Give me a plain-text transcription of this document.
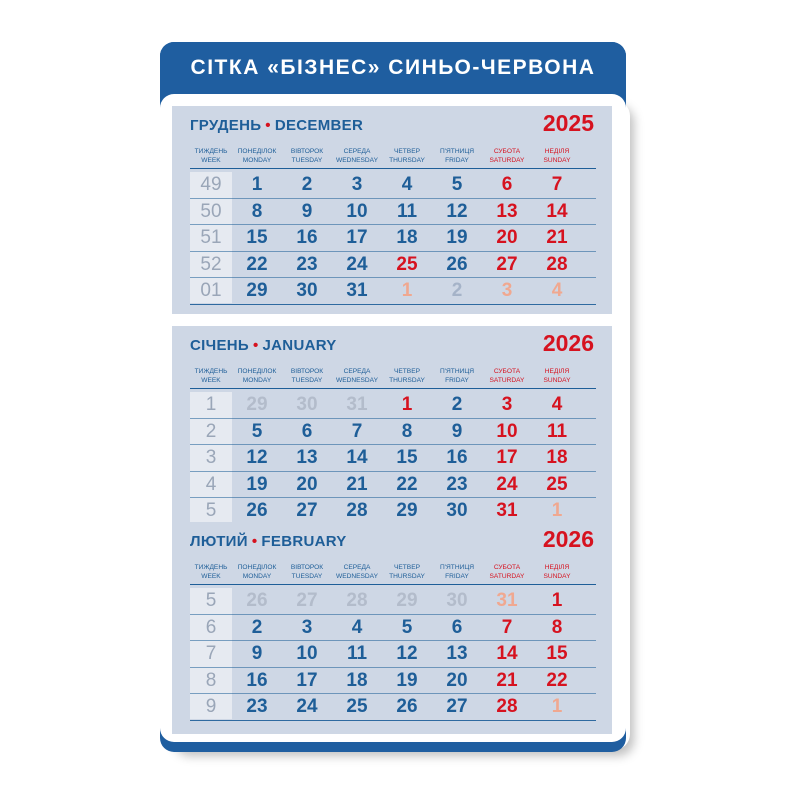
СІТКА «БІЗНЕС» СИНЬО-ЧЕРВОНА
ГРУДЕНЬ • DECEMBER	2025
ТИЖДЕНЬ
WEEK
ПОНЕДІЛОК
MONDAY
ВІВТОРОК
TUESDAY
СЕРЕДА
WEDNESDAY
ЧЕТВЕР
THURSDAY
П'ЯТНИЦЯ
FRIDAY
СУБОТА
SATURDAY
НЕДІЛЯ
SUNDAY
49	1	2	3	4	5	6	7
50	8	9	10	11	12	13	14
51	15	16	17	18	19	20	21
52	22	23	24	25	26	27	28
01	29	30	31	1	2	3	4
СІЧЕНЬ • JANUARY	2026
ТИЖДЕНЬ
WEEK
ПОНЕДІЛОК
MONDAY
ВІВТОРОК
TUESDAY
СЕРЕДА
WEDNESDAY
ЧЕТВЕР
THURSDAY
П'ЯТНИЦЯ
FRIDAY
СУБОТА
SATURDAY
НЕДІЛЯ
SUNDAY
1	29	30	31	1	2	3	4
2	5	6	7	8	9	10	11
3	12	13	14	15	16	17	18
4	19	20	21	22	23	24	25
5	26	27	28	29	30	31	1
ЛЮТИЙ • FEBRUARY	2026
ТИЖДЕНЬ
WEEK
ПОНЕДІЛОК
MONDAY
ВІВТОРОК
TUESDAY
СЕРЕДА
WEDNESDAY
ЧЕТВЕР
THURSDAY
П'ЯТНИЦЯ
FRIDAY
СУБОТА
SATURDAY
НЕДІЛЯ
SUNDAY
5	26	27	28	29	30	31	1
6	2	3	4	5	6	7	8
7	9	10	11	12	13	14	15
8	16	17	18	19	20	21	22
9	23	24	25	26	27	28	1
